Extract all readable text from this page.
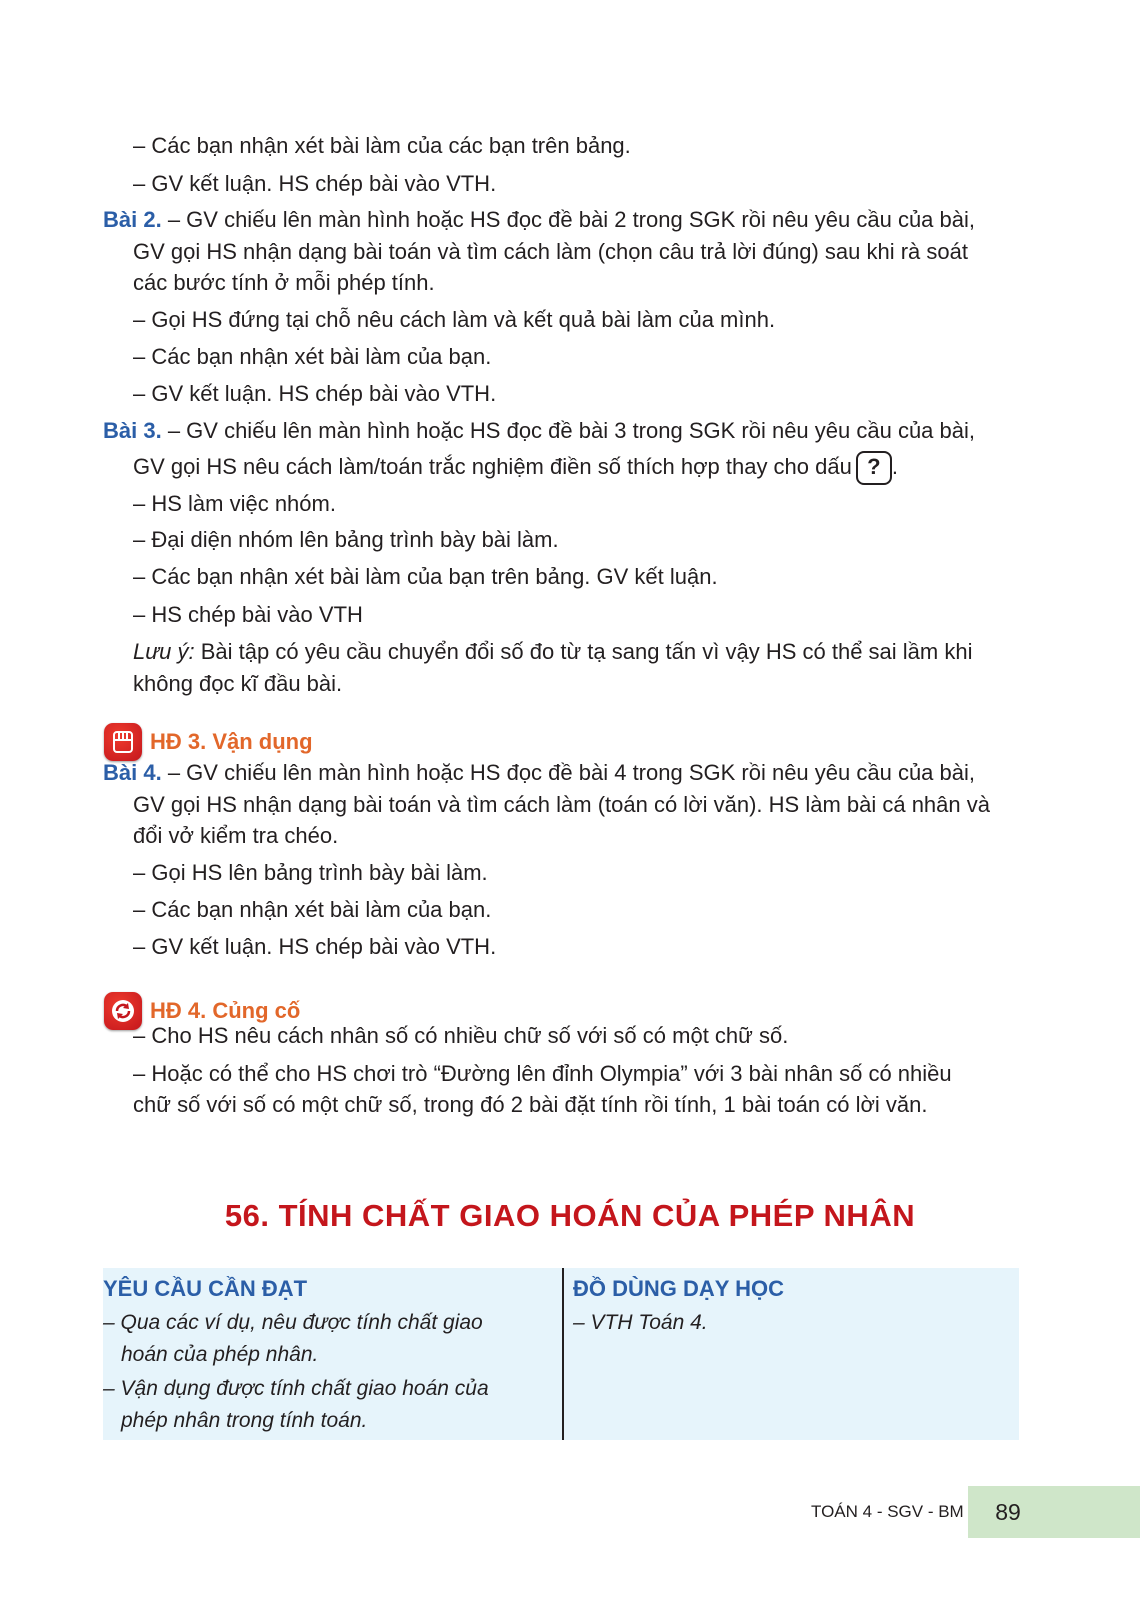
– Các bạn nhận xét bài làm của các bạn trên bảng.
– GV kết luận. HS chép bài vào VTH.
Bài 2. – GV chiếu lên màn hình hoặc HS đọc đề bài 2 trong SGK rồi nêu yêu cầu của bài,
GV gọi HS nhận dạng bài toán và tìm cách làm (chọn câu trả lời đúng) sau khi rà soát
các bước tính ở mỗi phép tính.
– Gọi HS đứng tại chỗ nêu cách làm và kết quả bài làm của mình.
– Các bạn nhận xét bài làm của bạn.
– GV kết luận. HS chép bài vào VTH.
Bài 3. – GV chiếu lên màn hình hoặc HS đọc đề bài 3 trong SGK rồi nêu yêu cầu của bài,
GV gọi HS nêu cách làm/toán trắc nghiệm điền số thích hợp thay cho dấu ? .
– HS làm việc nhóm.
– Đại diện nhóm lên bảng trình bày bài làm.
– Các bạn nhận xét bài làm của bạn trên bảng. GV kết luận.
– HS chép bài vào VTH
Lưu ý: Bài tập có yêu cầu chuyển đổi số đo từ tạ sang tấn vì vậy HS có thể sai lầm khi
không đọc kĩ đầu bài.
HĐ 3. Vận dụng
Bài 4. – GV chiếu lên màn hình hoặc HS đọc đề bài 4 trong SGK rồi nêu yêu cầu của bài,
GV gọi HS nhận dạng bài toán và tìm cách làm (toán có lời văn). HS làm bài cá nhân và
đổi vở kiểm tra chéo.
– Gọi HS lên bảng trình bày bài làm.
– Các bạn nhận xét bài làm của bạn.
– GV kết luận. HS chép bài vào VTH.
HĐ 4. Củng cố
– Cho HS nêu cách nhân số có nhiều chữ số với số có một chữ số.
– Hoặc có thể cho HS chơi trò “Đường lên đỉnh Olympia” với 3 bài nhân số có nhiều
chữ số với số có một chữ số, trong đó 2 bài đặt tính rồi tính, 1 bài toán có lời văn.
56. TÍNH CHẤT GIAO HOÁN CỦA PHÉP NHÂN
YÊU CẦU CẦN ĐẠT
– Qua các ví dụ, nêu được tính chất giao
hoán của phép nhân.
– Vận dụng được tính chất giao hoán của
phép nhân trong tính toán.
ĐỒ DÙNG DẠY HỌC
– VTH Toán 4.
TOÁN 4 - SGV - BM	89
